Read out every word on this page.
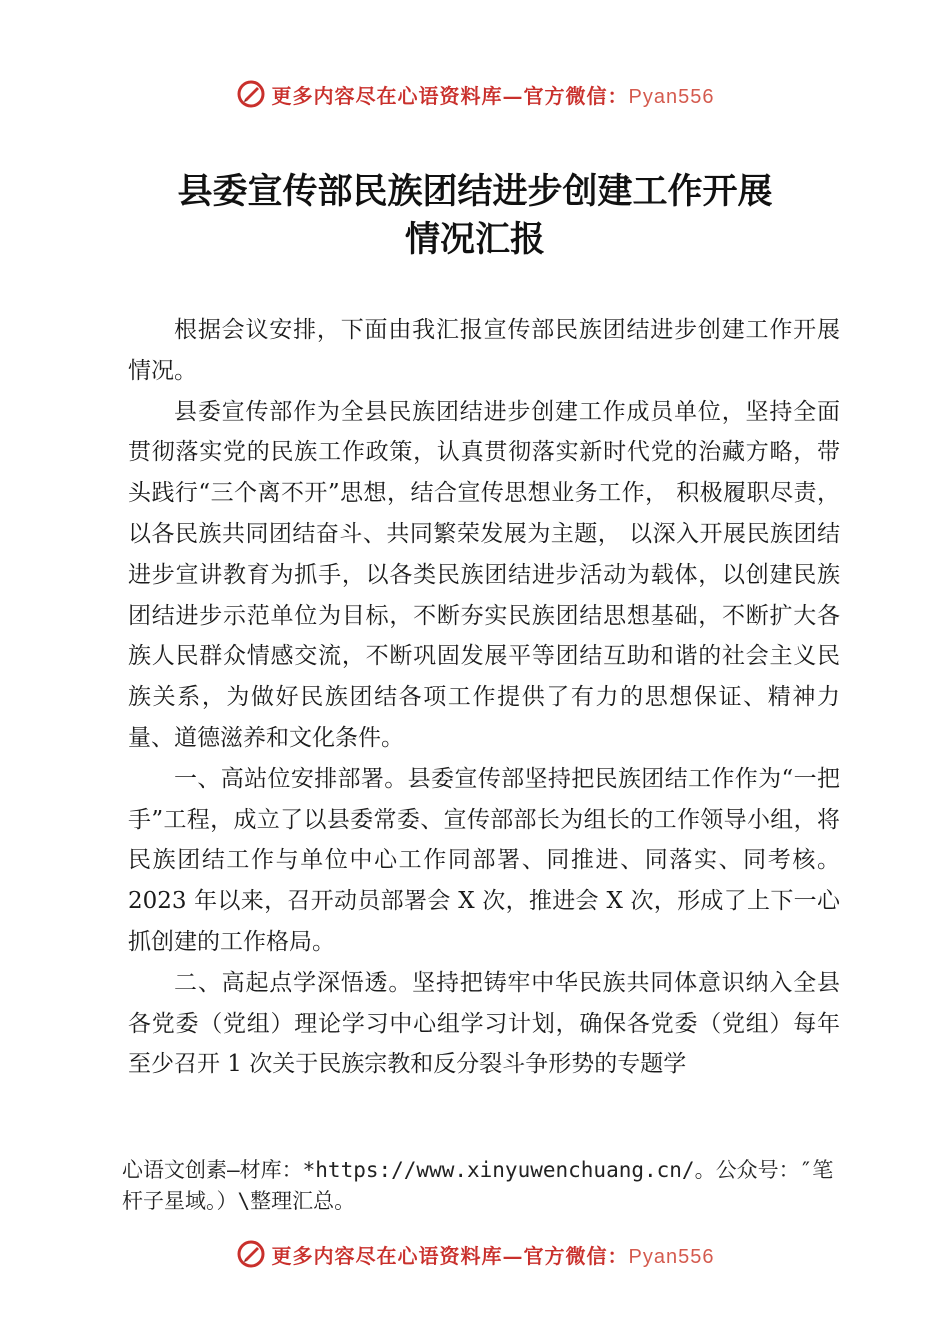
更多内容尽在心语资料库—官方微信：Pyan556
县委宣传部民族团结进步创建工作开展
情况汇报

根据会议安排，下面由我汇报宣传部民族团结进步创建工作开展情况。

县委宣传部作为全县民族团结进步创建工作成员单位，坚持全面贯彻落实党的民族工作政策，认真贯彻落实新时代党的治藏方略，带头践行“三个离不开”思想，结合宣传思想业务工作， 积极履职尽责，以各民族共同团结奋斗、共同繁荣发展为主题， 以深入开展民族团结进步宣讲教育为抓手，以各类民族团结进步活动为载体，以创建民族团结进步示范单位为目标，不断夯实民族团结思想基础，不断扩大各族人民群众情感交流，不断巩固发展平等团结互助和谐的社会主义民族关系，为做好民族团结各项工作提供了有力的思想保证、精神力量、道德滋养和文化条件。

一、高站位安排部署。县委宣传部坚持把民族团结工作作为“一把手”工程，成立了以县委常委、宣传部部长为组长的工作领导小组，将民族团结工作与单位中心工作同部署、同推进、同落实、同考核。2023 年以来，召开动员部署会 X 次，推进会 X 次，形成了上下一心抓创建的工作格局。

二、高起点学深悟透。坚持把铸牢中华民族共同体意识纳入全县各党委（党组）理论学习中心组学习计划，确保各党委（党组）每年至少召开 1 次关于民族宗教和反分裂斗争形势的专题学

心语文创素—材库：*https://www.xinyuwenchuang.cn/。公众号：″笔杆子星域。）\整理汇总。
更多内容尽在心语资料库—官方微信：Pyan556
